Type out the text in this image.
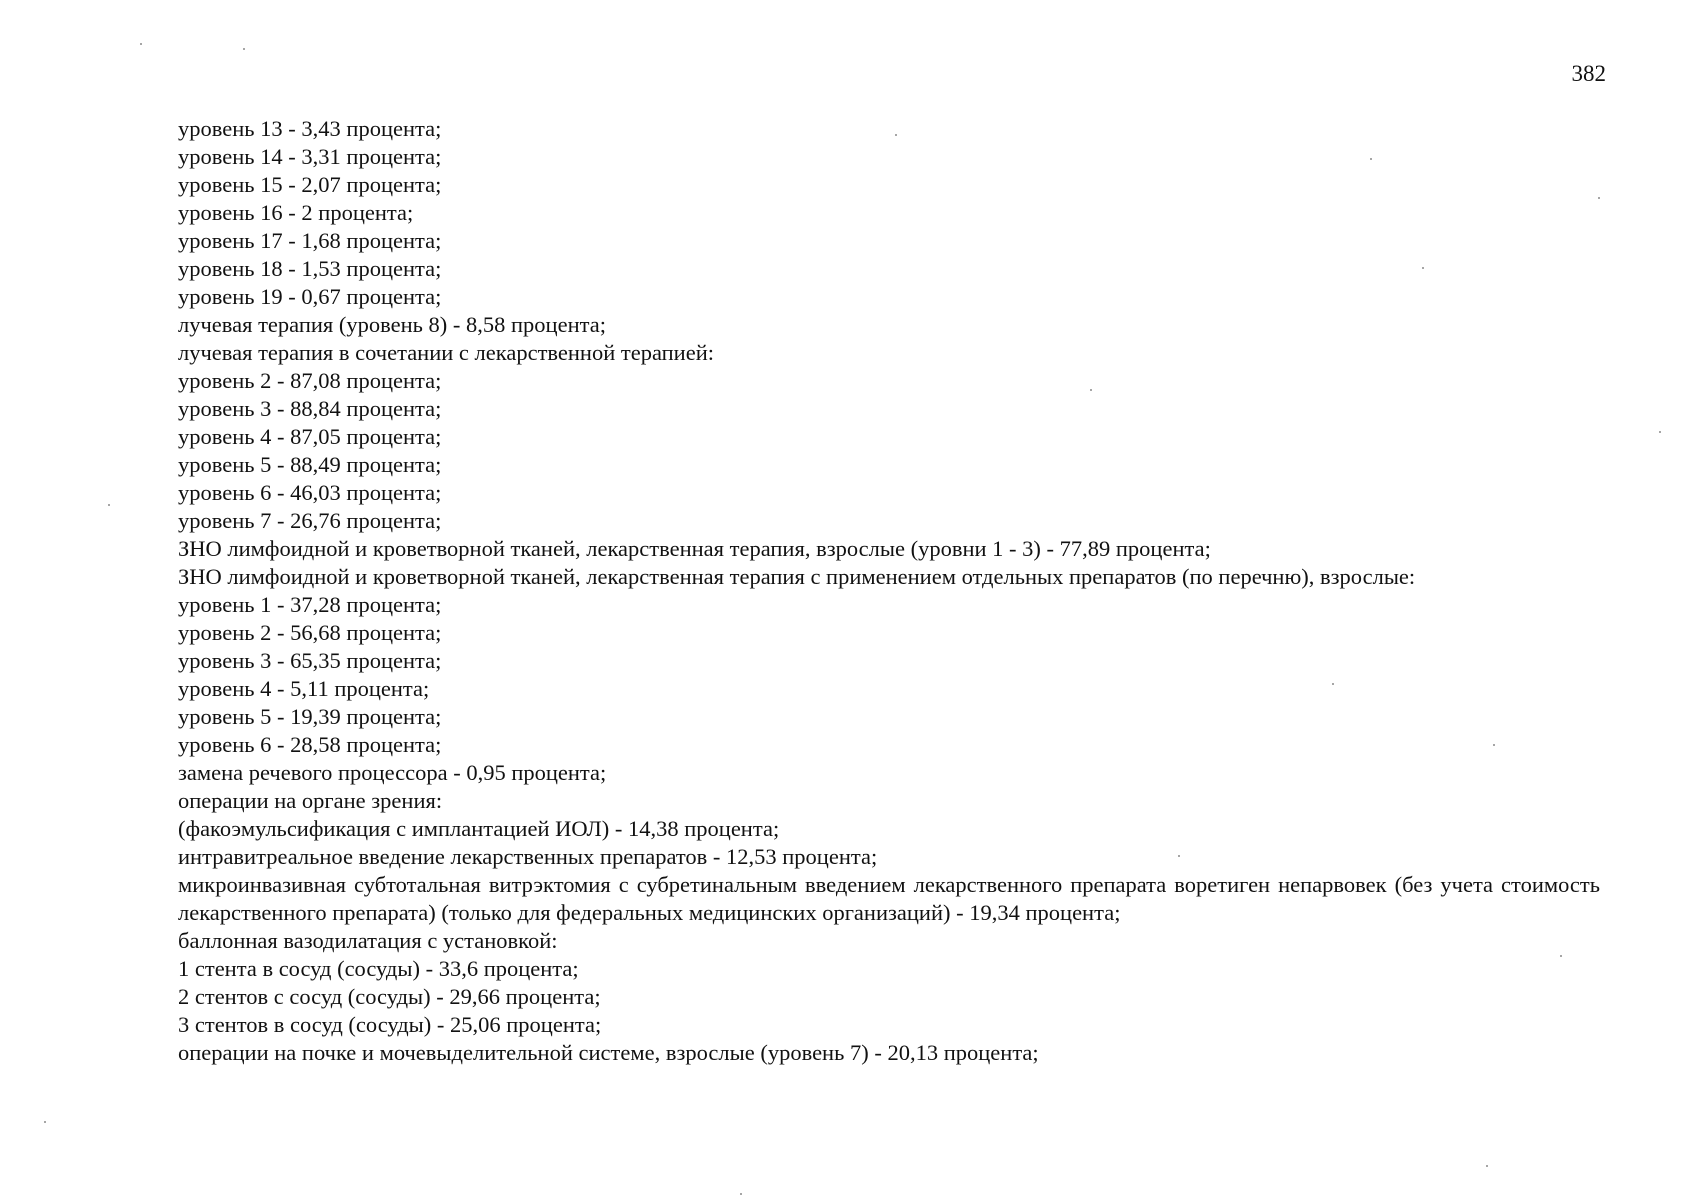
382
уровень 13 - 3,43 процента;
уровень 14 - 3,31 процента;
уровень 15 - 2,07 процента;
уровень 16 - 2 процента;
уровень 17 - 1,68 процента;
уровень 18 - 1,53 процента;
уровень 19 - 0,67 процента;
лучевая терапия (уровень 8) - 8,58 процента;
лучевая терапия в сочетании с лекарственной терапией:
уровень 2 - 87,08 процента;
уровень 3 - 88,84 процента;
уровень 4 - 87,05 процента;
уровень 5 - 88,49 процента;
уровень 6 - 46,03 процента;
уровень 7 - 26,76 процента;
ЗНО лимфоидной и кроветворной тканей, лекарственная терапия, взрослые (уровни 1 - 3) - 77,89 процента;
ЗНО лимфоидной и кроветворной тканей, лекарственная терапия с применением отдельных препаратов (по перечню), взрослые:
уровень 1 - 37,28 процента;
уровень 2 - 56,68 процента;
уровень 3 - 65,35 процента;
уровень 4 - 5,11 процента;
уровень 5 - 19,39 процента;
уровень 6 - 28,58 процента;
замена речевого процессора - 0,95 процента;
операции на органе зрения:
(факоэмульсификация с имплантацией ИОЛ) - 14,38 процента;
интравитреальное введение лекарственных препаратов - 12,53 процента;
микроинвазивная субтотальная витрэктомия с субретинальным введением лекарственного препарата воретиген непарвовек (без учета стоимость лекарственного препарата) (только для федеральных медицинских организаций) - 19,34 процента;
баллонная вазодилатация с установкой:
1 стента в сосуд (сосуды) - 33,6 процента;
2 стентов с сосуд (сосуды) - 29,66 процента;
3 стентов в сосуд (сосуды) - 25,06 процента;
операции на почке и мочевыделительной системе, взрослые (уровень 7) - 20,13 процента;
